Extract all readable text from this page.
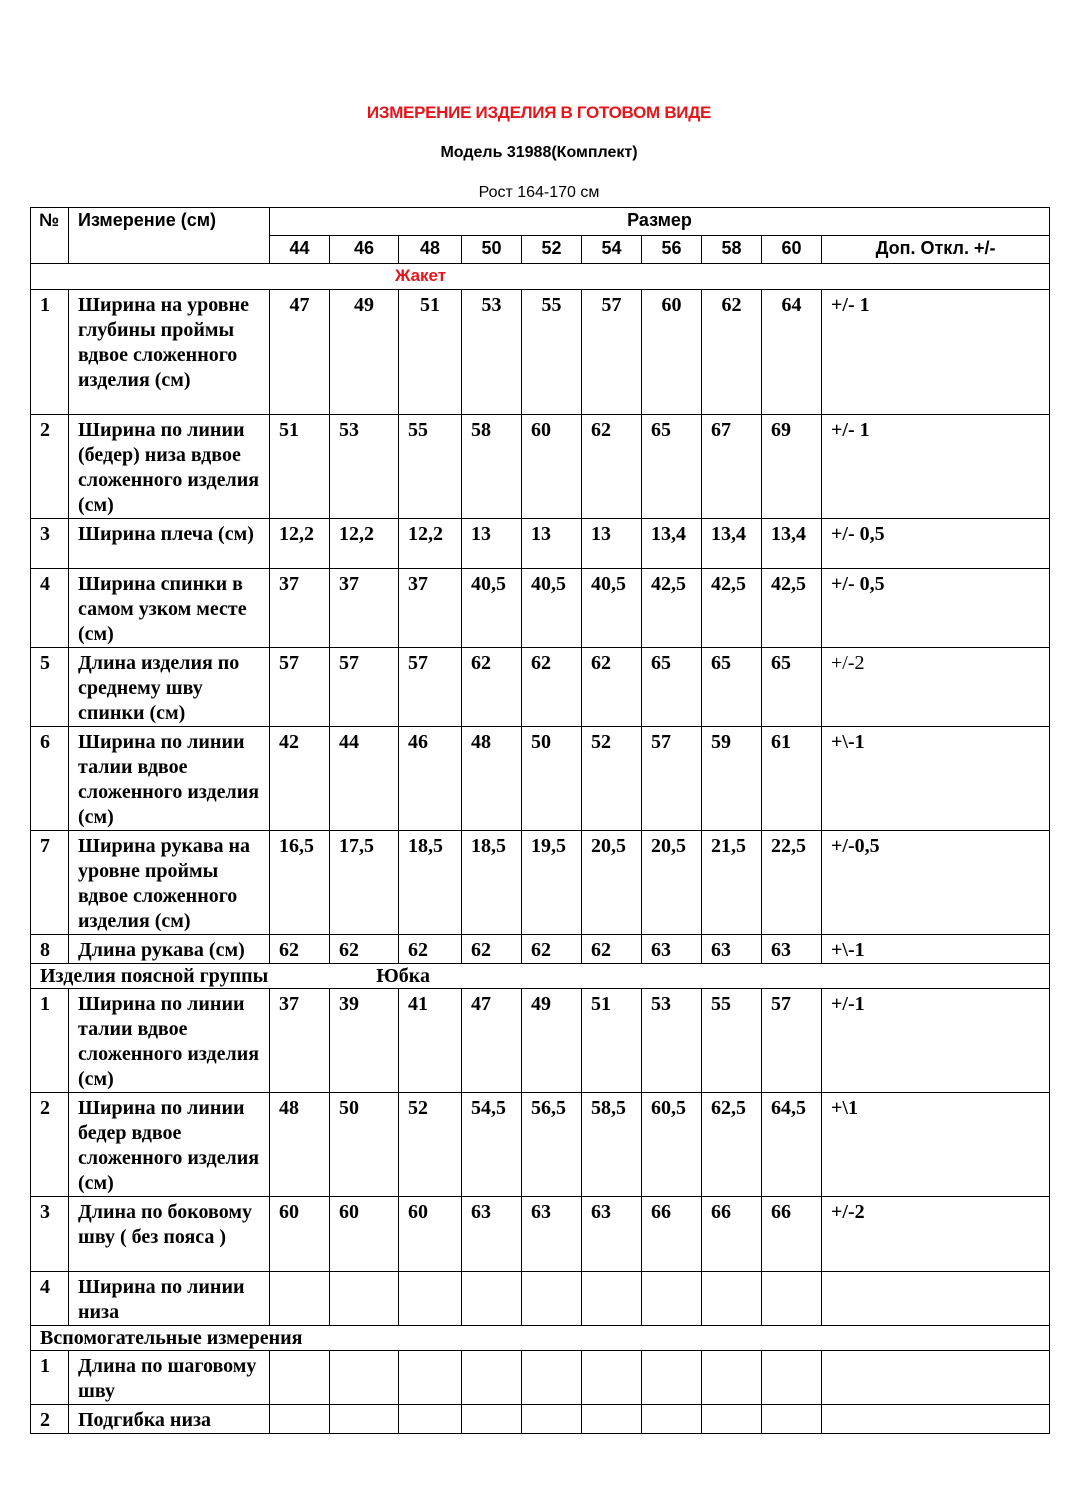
ИЗМЕРЕНИЕ ИЗДЕЛИЯ В ГОТОВОМ ВИДЕ
Модель 31988(Комплект)
Рост 164-170 см
№	Измерение (см)	Размер									
		44	46	48	50	52	54	56	58	60	Доп. Откл. +/-
Жакет											
1	Ширина на уровне глубины проймы вдвое сложенного изделия (см)	47	49	51	53	55	57	60	62	64	+/- 1
2	Ширина по линии (бедер) низа вдвое сложенного изделия (см)	51	53	55	58	60	62	65	67	69	+/- 1
3	Ширина плеча (см)	12,2	12,2	12,2	13	13	13	13,4	13,4	13,4	+/- 0,5
4	Ширина спинки в самом узком месте (см)	37	37	37	40,5	40,5	40,5	42,5	42,5	42,5	+/- 0,5
5	Длина изделия по среднему шву спинки (см)	57	57	57	62	62	62	65	65	65	+/-2
6	Ширина по линии талии вдвое сложенного изделия (см)	42	44	46	48	50	52	57	59	61	+\-1
7	Ширина рукава на уровне проймы вдвое сложенного изделия (см)	16,5	17,5	18,5	18,5	19,5	20,5	20,5	21,5	22,5	+/-0,5
8	Длина рукава (см)	62	62	62	62	62	62	63	63	63	+\-1
Изделия поясной группы Юбка											
1	Ширина по линии талии вдвое сложенного изделия (см)	37	39	41	47	49	51	53	55	57	+/-1
2	Ширина по линии бедер вдвое сложенного изделия (см)	48	50	52	54,5	56,5	58,5	60,5	62,5	64,5	+\1
3	Длина по боковому шву ( без пояса )	60	60	60	63	63	63	66	66	66	+/-2
4	Ширина по линии низа										
Вспомогательные измерения											
1	Длина по шаговому шву										
2	Подгибка низа										
